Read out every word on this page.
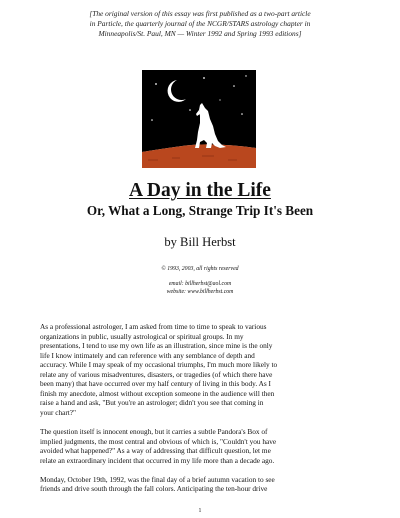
[The original version of this essay was first published as a two-part article
in Particle, the quarterly journal of the NCGR/STARS astrology chapter in
Minneapolis/St. Paul, MN — Winter 1992 and Spring 1993 editions]
A Day in the Life
Or, What a Long, Strange Trip It's Been
by Bill Herbst
© 1993, 2003, all rights reserved
email: billherbst@aol.com
website: www.billherbst.com

As a professional astrologer, I am asked from time to time to speak to various
organizations in public, usually astrological or spiritual groups. In my
presentations, I tend to use my own life as an illustration, since mine is the only
life I know intimately and can reference with any semblance of depth and
accuracy. While I may speak of my occasional triumphs, I'm much more likely to
relate any of various misadventures, disasters, or tragedies (of which there have
been many) that have occurred over my half century of living in this body. As I
finish my anecdote, almost without exception someone in the audience will then
raise a hand and ask, "But you're an astrologer; didn't you see that coming in
your chart?"

The question itself is innocent enough, but it carries a subtle Pandora's Box of
implied judgments, the most central and obvious of which is, "Couldn't you have
avoided what happened?" As a way of addressing that difficult question, let me
relate an extraordinary incident that occurred in my life more than a decade ago.

Monday, October 19th, 1992, was the final day of a brief autumn vacation to see
friends and drive south through the fall colors. Anticipating the ten-hour drive

1
